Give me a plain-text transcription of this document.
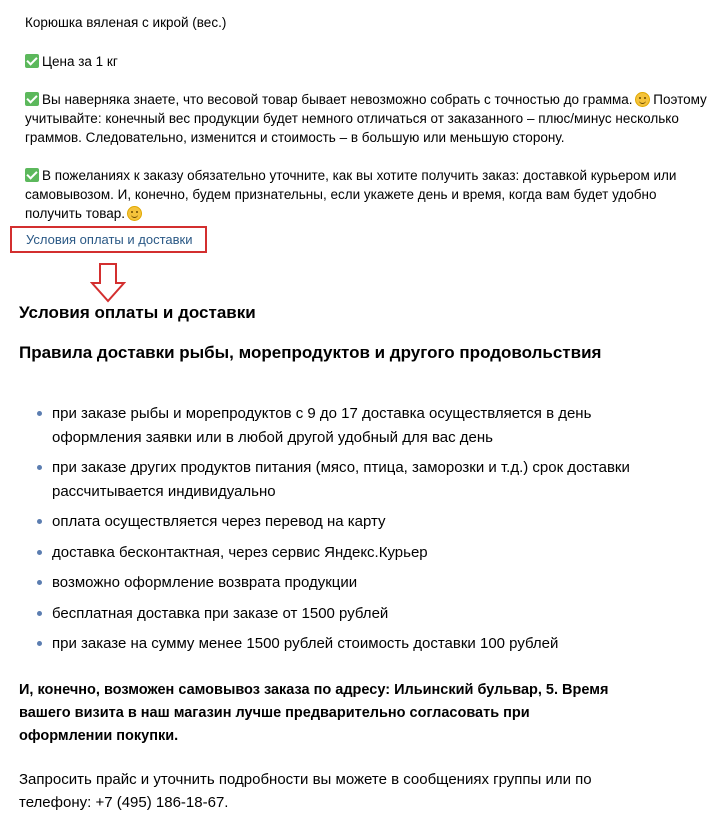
Корюшка вяленая с икрой (вес.)

Цена за 1 кг

Вы наверняка знаете, что весовой товар бывает невозможно собрать с точностью до грамма. Поэтому учитывайте: конечный вес продукции будет немного отличаться от заказанного – плюс/минус несколько граммов. Следовательно, изменится и стоимость – в большую или меньшую сторону.

В пожеланиях к заказу обязательно уточните, как вы хотите получить заказ: доставкой курьером или самовывозом. И, конечно, будем признательны, если укажете день и время, когда вам будет удобно получить товар.

Условия оплаты и доставки
Условия оплаты и доставки
Правила доставки рыбы, морепродуктов и другого продовольствия
при заказе рыбы и морепродуктов с 9 до 17 доставка осуществляется в день оформления заявки или в любой другой удобный для вас день
при заказе других продуктов питания (мясо, птица, заморозки и т.д.) срок доставки рассчитывается индивидуально
оплата осуществляется через перевод на карту
доставка бесконтактная, через сервис Яндекс.Курьер
возможно оформление возврата продукции
бесплатная доставка при заказе от 1500 рублей
при заказе на сумму менее 1500 рублей стоимость доставки 100 рублей

И, конечно, возможен самовывоз заказа по адресу: Ильинский бульвар, 5. Время вашего визита в наш магазин лучше предварительно согласовать при оформлении покупки.

Запросить прайс и уточнить подробности вы можете в сообщениях группы или по телефону: +7 (495) 186-18-67.
